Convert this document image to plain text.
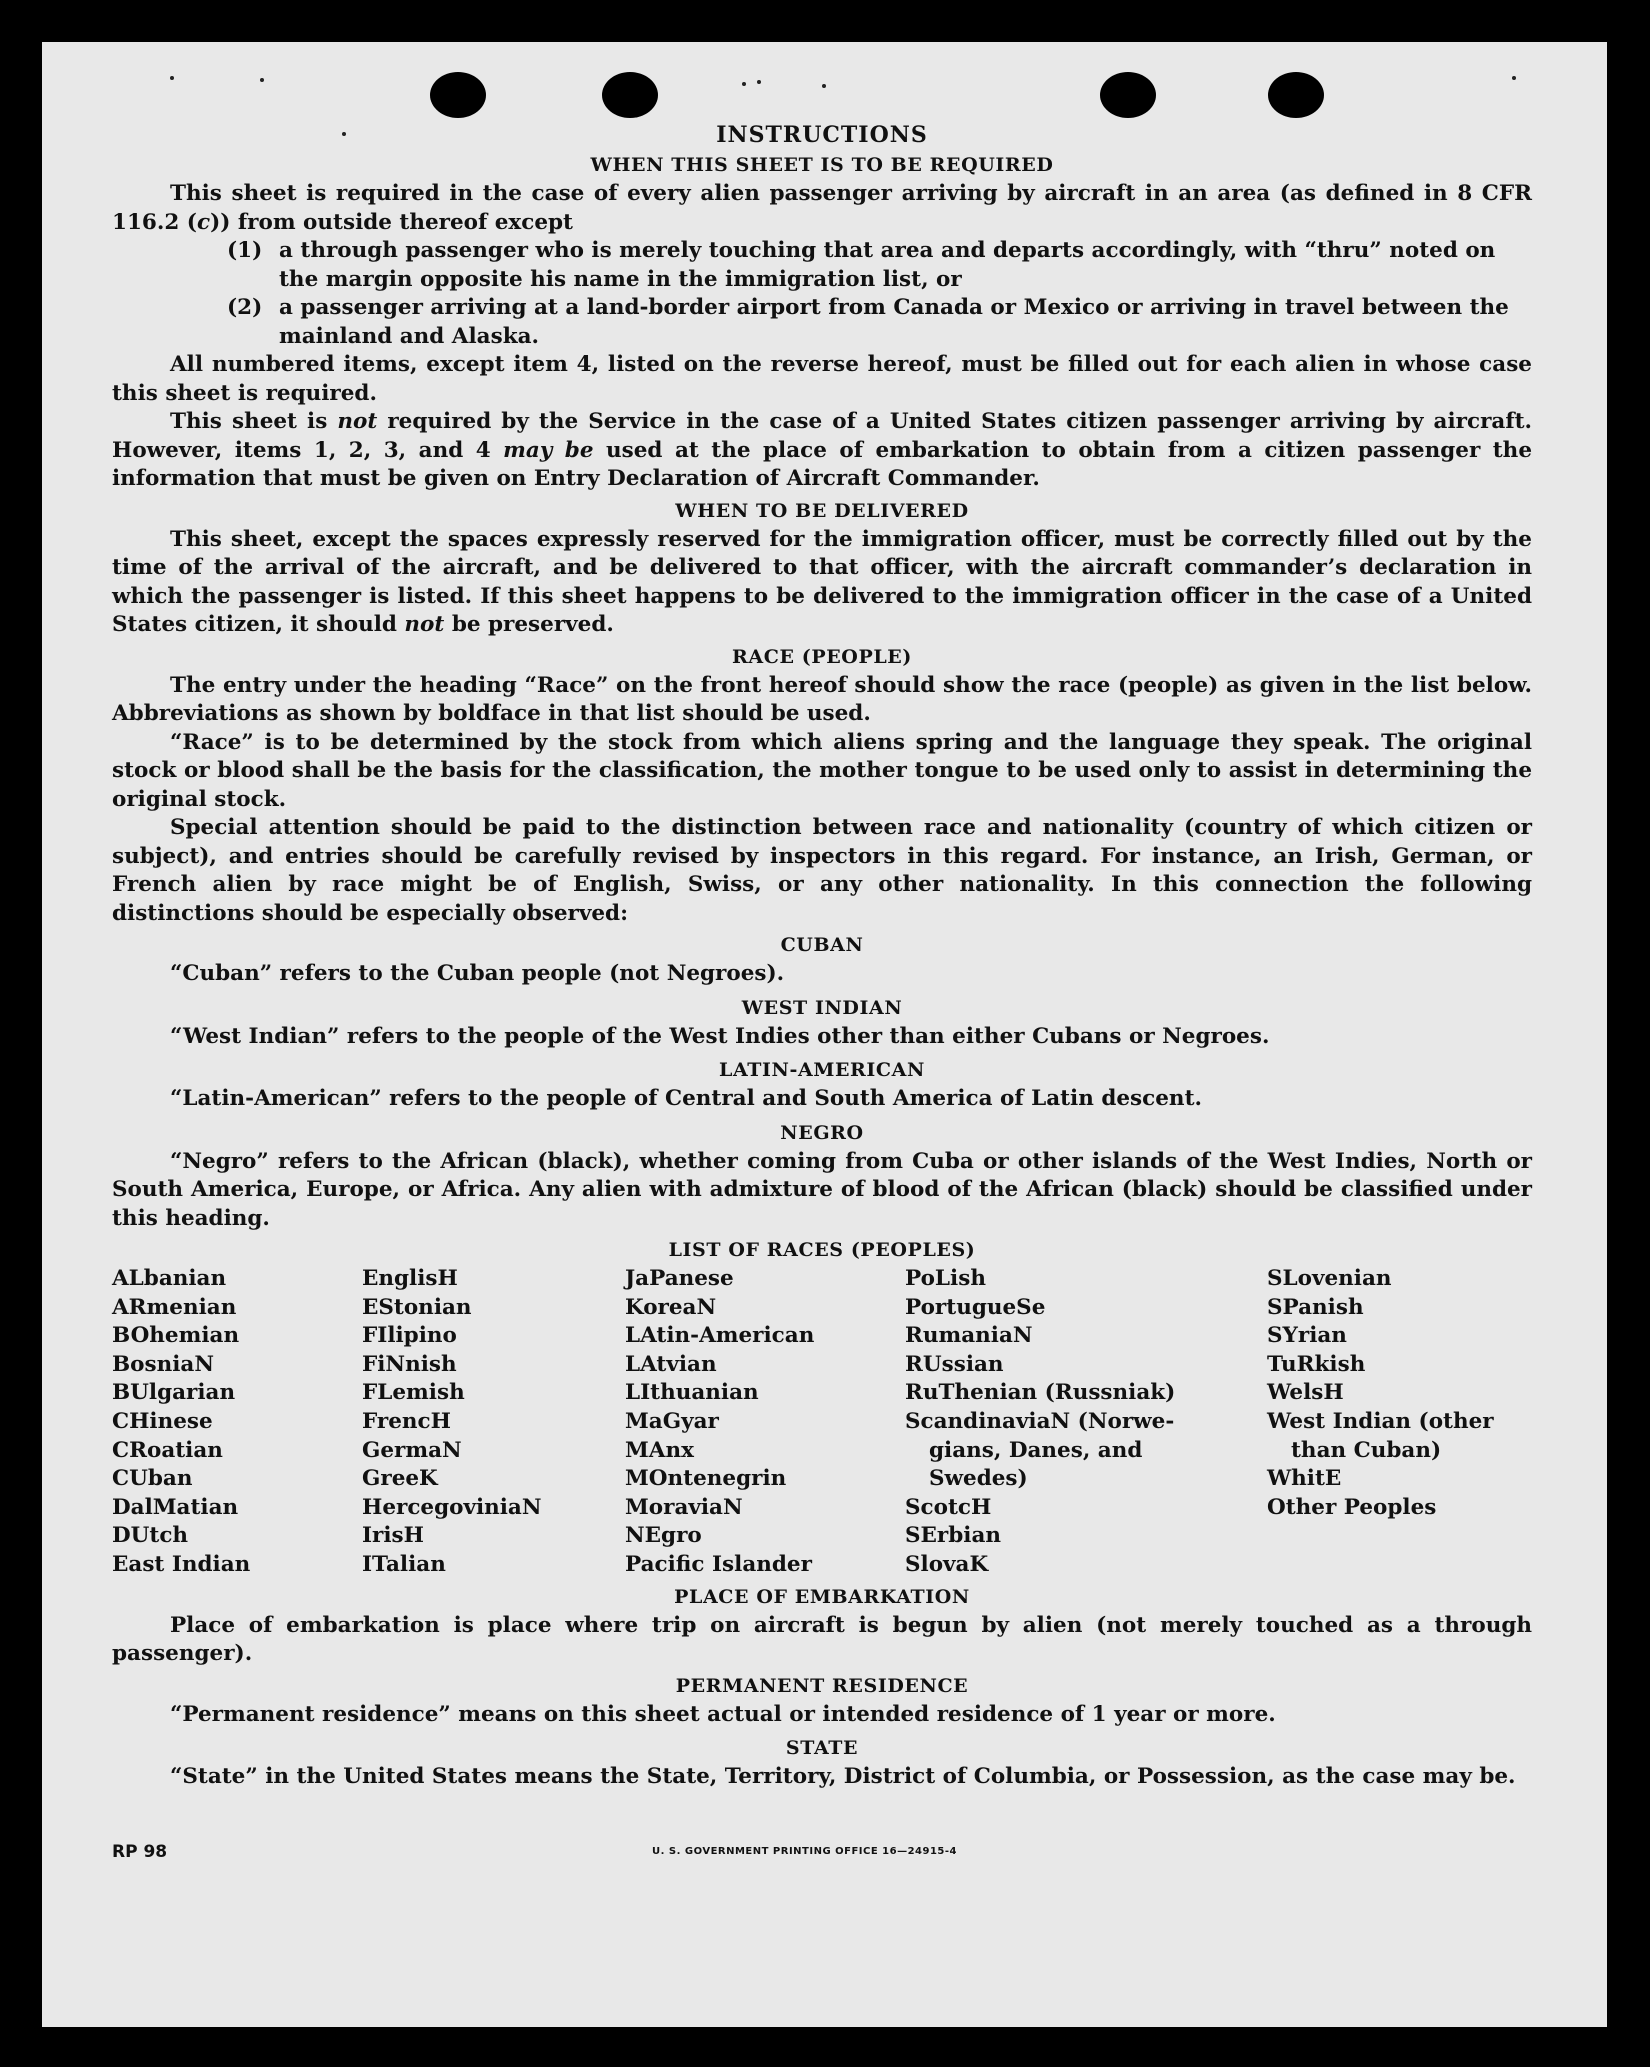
INSTRUCTIONS
WHEN THIS SHEET IS TO BE REQUIRED

This sheet is required in the case of every alien passenger arriving by aircraft in an area (as defined in 8 CFR 116.2 (c)) from outside thereof except

(1) a through passenger who is merely touching that area and departs accordingly, with “thru” noted on the margin opposite his name in the immigration list, or
(2) a passenger arriving at a land-border airport from Canada or Mexico or arriving in travel between the mainland and Alaska.

All numbered items, except item 4, listed on the reverse hereof, must be filled out for each alien in whose case this sheet is required.

This sheet is not required by the Service in the case of a United States citizen passenger arriving by aircraft. However, items 1, 2, 3, and 4 may be used at the place of embarkation to obtain from a citizen passenger the information that must be given on Entry Declaration of Aircraft Commander.

WHEN TO BE DELIVERED

This sheet, except the spaces expressly reserved for the immigration officer, must be correctly filled out by the time of the arrival of the aircraft, and be delivered to that officer, with the aircraft commander’s declaration in which the passenger is listed. If this sheet happens to be delivered to the immigration officer in the case of a United States citizen, it should not be preserved.

RACE (PEOPLE)

The entry under the heading “Race” on the front hereof should show the race (people) as given in the list below. Abbreviations as shown by boldface in that list should be used.

“Race” is to be determined by the stock from which aliens spring and the language they speak. The original stock or blood shall be the basis for the classification, the mother tongue to be used only to assist in determining the original stock.

Special attention should be paid to the distinction between race and nationality (country of which citizen or subject), and entries should be carefully revised by inspectors in this regard. For instance, an Irish, German, or French alien by race might be of English, Swiss, or any other nationality. In this connection the following distinctions should be especially observed:

CUBAN
“Cuban” refers to the Cuban people (not Negroes).
WEST INDIAN
“West Indian” refers to the people of the West Indies other than either Cubans or Negroes.
LATIN-AMERICAN
“Latin-American” refers to the people of Central and South America of Latin descent.
NEGRO

“Negro” refers to the African (black), whether coming from Cuba or other islands of the West Indies, North or South America, Europe, or Africa. Any alien with admixture of blood of the African (black) should be classified under this heading.

LIST OF RACES (PEOPLES)
ALbanian
ARmenian
BOhemian
BosniaN
BUlgarian
CHinese
CRoatian
CUban
DalMatian
DUtch
East Indian
EnglisH
EStonian
FIlipino
FiNnish
FLemish
FrencH
GermaN
GreeK
HercegoviniaN
IrisH
ITalian
JaPanese
KoreaN
LAtin-American
LAtvian
LIthuanian
MaGyar
MAnx
MOntenegrin
MoraviaN
NEgro
Pacific Islander
PoLish
PortugueSe
RumaniaN
RUssian
RuThenian (Russniak)
ScandinaviaN (Norwe-
gians, Danes, and
Swedes)
ScotcH
SErbian
SlovaK
SLovenian
SPanish
SYrian
TuRkish
WelsH
West Indian (other
than Cuban)
WhitE
Other Peoples
PLACE OF EMBARKATION

Place of embarkation is place where trip on aircraft is begun by alien (not merely touched as a through passenger).

PERMANENT RESIDENCE
“Permanent residence” means on this sheet actual or intended residence of 1 year or more.
STATE

“State” in the United States means the State, Territory, District of Columbia, or Possession, as the case may be.

RP 98	U. S. GOVERNMENT PRINTING OFFICE 16—24915-4
